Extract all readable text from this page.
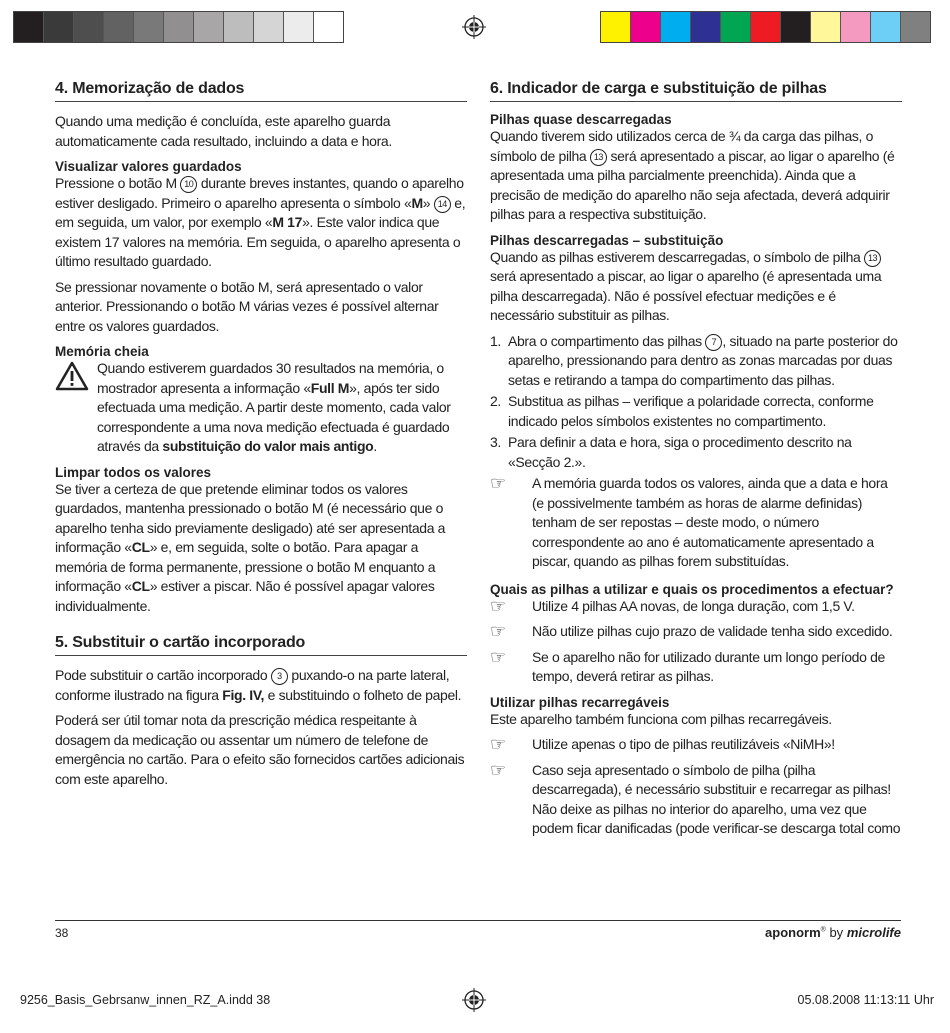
4. Memorização de dados

Quando uma medição é concluída, este aparelho guarda automaticamente cada resultado, incluindo a data e hora.

Visualizar valores guardados

Pressione o botão M 10 durante breves instantes, quando o aparelho estiver desligado. Primeiro o aparelho apresenta o símbolo «M» 14 e, em seguida, um valor, por exemplo «M 17». Este valor indica que existem 17 valores na memória. Em seguida, o aparelho apresenta o último resultado guardado.

Se pressionar novamente o botão M, será apresentado o valor anterior. Pressionando o botão M várias vezes é possível alternar entre os valores guardados.

Memória cheia

Quando estiverem guardados 30 resultados na memória, o mostrador apresenta a informação «Full M», após ter sido efectuada uma medição. A partir deste momento, cada valor correspondente a uma nova medição efectuada é guardado através da substituição do valor mais antigo.

Limpar todos os valores

Se tiver a certeza de que pretende eliminar todos os valores guardados, mantenha pressionado o botão M (é necessário que o aparelho tenha sido previamente desligado) até ser apresentada a informação «CL» e, em seguida, solte o botão. Para apagar a memória de forma permanente, pressione o botão M enquanto a informação «CL» estiver a piscar. Não é possível apagar valores individualmente.

5. Substituir o cartão incorporado

Pode substituir o cartão incorporado 3 puxando-o na parte lateral, conforme ilustrado na figura Fig. IV, e substituindo o folheto de papel.

Poderá ser útil tomar nota da prescrição médica respeitante à dosagem da medicação ou assentar um número de telefone de emergência no cartão. Para o efeito são fornecidos cartões adicionais com este aparelho.

6. Indicador de carga e substituição de pilhas
Pilhas quase descarregadas

Quando tiverem sido utilizados cerca de ¾ da carga das pilhas, o símbolo de pilha 13 será apresentado a piscar, ao ligar o aparelho (é apresentada uma pilha parcialmente preenchida). Ainda que a precisão de medição do aparelho não seja afectada, deverá adquirir pilhas para a respectiva substituição.

Pilhas descarregadas – substituição

Quando as pilhas estiverem descarregadas, o símbolo de pilha 13 será apresentado a piscar, ao ligar o aparelho (é apresentada uma pilha descarregada). Não é possível efectuar medições e é necessário substituir as pilhas.

1. Abra o compartimento das pilhas 7 , situado na parte posterior do aparelho, pressionando para dentro as zonas marcadas por duas setas e retirando a tampa do compartimento das pilhas.

2. Substitua as pilhas – verifique a polaridade correcta, conforme indicado pelos símbolos existentes no compartimento.

3. Para definir a data e hora, siga o procedimento descrito na «Secção 2.».

☞ A memória guarda todos os valores, ainda que a data e hora (e possivelmente também as horas de alarme definidas) tenham de ser repostas – deste modo, o número correspondente ao ano é automaticamente apresentado a piscar, quando as pilhas forem substituídas.

Quais as pilhas a utilizar e quais os procedimentos a efectuar?

☞ Utilize 4 pilhas AA novas, de longa duração, com 1,5 V.

☞ Não utilize pilhas cujo prazo de validade tenha sido excedido.

☞ Se o aparelho não for utilizado durante um longo período de tempo, deverá retirar as pilhas.

Utilizar pilhas recarregáveis

Este aparelho também funciona com pilhas recarregáveis.

☞ Utilize apenas o tipo de pilhas reutilizáveis «NiMH»!

☞ Caso seja apresentado o símbolo de pilha (pilha descarregada), é necessário substituir e recarregar as pilhas! Não deixe as pilhas no interior do aparelho, uma vez que podem ficar danificadas (pode verificar-se descarga total como

38	aponorm® by microlife
9256_Basis_Gebrsanw_innen_RZ_A.indd 38	05.08.2008 11:13:11 Uhr
